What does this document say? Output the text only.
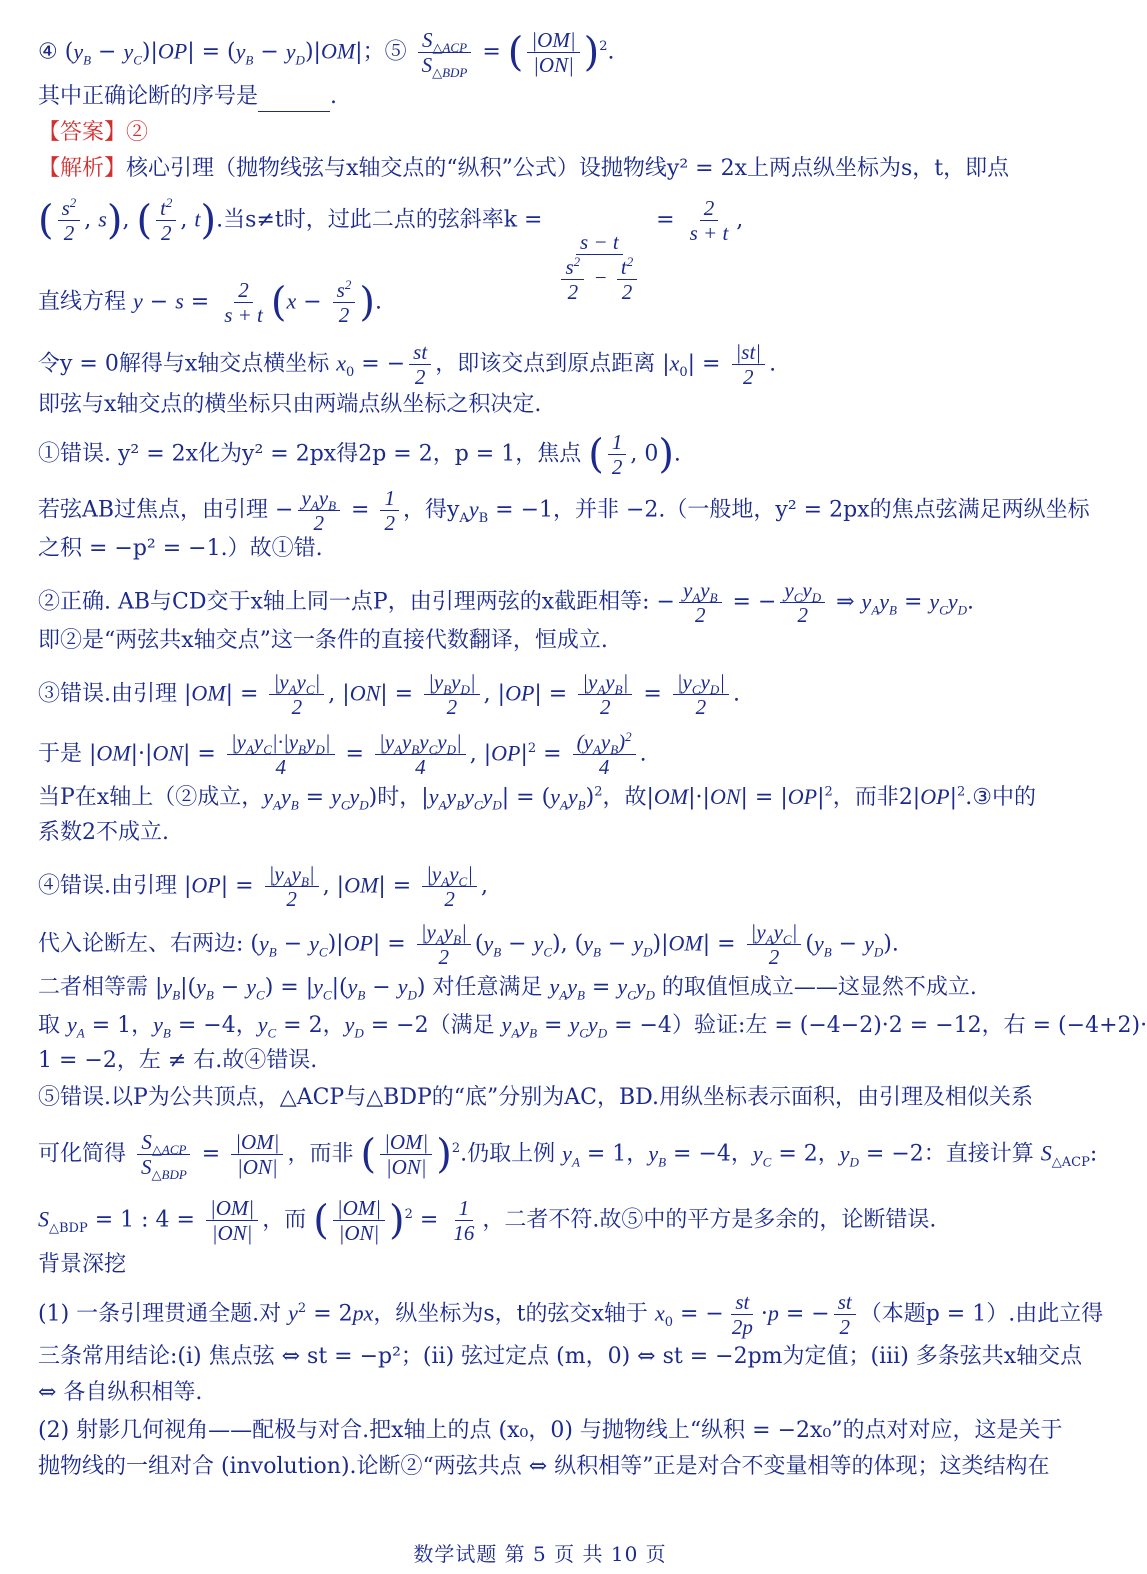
④ $(y_B - y_C)|OP| = (y_B - y_D)|OM|$；⑤ $\frac{S_{\triangle ACP}}{S_{\triangle BDP}}$ = ( $\frac{|OM|}{|ON|} )^2$.
其中正确论断的序号是	.
【答案】②
【解析】核心引理（抛物线弦与x轴交点的“纵积”公式）设抛物线y² = 2x上两点纵坐标为s，t，即点
( $\frac{s^2}{2}$ , s), ( $\frac{t^2}{2}$ , t).当s≠t时，过此二点的弦斜率k =
$\frac{s - t}{\frac{s^2}{2} - \frac{t^2}{2}}$
= $\frac{2}{s + t}$ ,
直线方程 $y - s = \frac{2}{s + t} (x - \frac{s^2}{2}$ ).
令y = 0解得与x轴交点横坐标 $x_0$ = − $\frac{st}{2}$ ，即该交点到原点距离 $|x_0| = \frac{|st|}{2}$ .
即弦与x轴交点的横坐标只由两端点纵坐标之积决定.
①错误. y² = 2x化为y² = 2px得2p = 2，p = 1，焦点 ( $\frac{1}{2}$ , 0).
若弦AB过焦点，由引理 − $\frac{y_Ay_B}{2} = \frac{1}{2}$ ，得$y_Ay_B = -1$，并非 −2.（一般地，y² = 2px的焦点弦满足两纵坐标
之积 = −p² = −1.）故①错.
②正确. AB与CD交于x轴上同一点P，由引理两弦的x截距相等: − $\frac{y_Ay_B}{2}$ = − $\frac{y_Cy_D}{2}$ ⇒ $y_Ay_B = y_Cy_D$.
即②是“两弦共x轴交点”这一条件的直接代数翻译，恒成立.
③错误.由引理 $|OM| = \frac{|y_Ay_C|}{2}$ , $|ON| = \frac{|y_By_D|}{2}$ , $|OP| = \frac{|y_Ay_B|}{2} = \frac{|y_Cy_D|}{2}$ .
于是 $|OM|\cdot|ON| = \frac{|y_Ay_C|\cdot|y_By_D|}{4} = \frac{|y_Ay_By_Cy_D|}{4}$ , $|OP|^2 = \frac{(y_Ay_B)^2}{4}$ .
当P在x轴上（②成立，$y_Ay_B = y_Cy_D$)时，$|y_Ay_By_Cy_D| = (y_Ay_B)^2$，故$|OM|\cdot|ON| = |OP|^2$，而非$2|OP|^2.③$中的
系数2不成立.
④错误.由引理 $|OP| = \frac{|y_Ay_B|}{2}$ , $|OM| = \frac{|y_Ay_C|}{2}$ ,
代入论断左、右两边: $(y_B - y_C)|OP| = \frac{|y_Ay_B|}{2} (y_B - y_C)$, $(y_B - y_D)|OM| = \frac{|y_Ay_C|}{2} (y_B - y_D)$.
二者相等需 $|y_B|(y_B - y_C) = |y_C|(y_B - y_D)$ 对任意满足 $y_Ay_B = y_Cy_D$ 的取值恒成立——这显然不成立.
取 $y_A = 1$，$y_B = -4$，$y_C = 2$，$y_D = -2$（满足 $y_Ay_B = y_Cy_D = -4$）验证:左 = (−4−2)·2 = −12，右 = (−4+2)·
1 = −2，左 ≠ 右.故④错误.
⑤错误.以P为公共顶点，△ACP与△BDP的“底”分别为AC，BD.用纵坐标表示面积，由引理及相似关系
可化简得 $\frac{S_{\triangle ACP}}{S_{\triangle BDP}} = \frac{|OM|}{|ON|}$ ，而非 ( $\frac{|OM|}{|ON|} )^2$.仍取上例 $y_A = 1$，$y_B = -4$，$y_C = 2$，$y_D = -2$：直接计算 $S_{\triangle ACP}$:
$S_{\triangle BDP} = 1$ : $4 = \frac{|OM|}{|ON|}$ ，而 ( $\frac{|OM|}{|ON|} )^2 = \frac{1}{16}$ ，二者不符.故⑤中的平方是多余的，论断错误.
背景深挖
(1) 一条引理贯通全题.对 $y^2 = 2px$，纵坐标为s，t的弦交x轴于 $x_0$ = − $\frac{st}{2p} \cdot p$ = − $\frac{st}{2}$ （本题p = 1）.由此立得
三条常用结论:(i) 焦点弦 ⇔ st = −p²；(ii) 弦过定点 (m，0) ⇔ st = −2pm为定值；(iii) 多条弦共x轴交点
⇔ 各自纵积相等.
(2) 射影几何视角——配极与对合.把x轴上的点 (x₀，0) 与抛物线上“纵积 = −2x₀”的点对对应，这是关于
抛物线的一组对合 (involution).论断②“两弦共点 ⇔ 纵积相等”正是对合不变量相等的体现；这类结构在
数学试题 第 5 页 共 10 页
